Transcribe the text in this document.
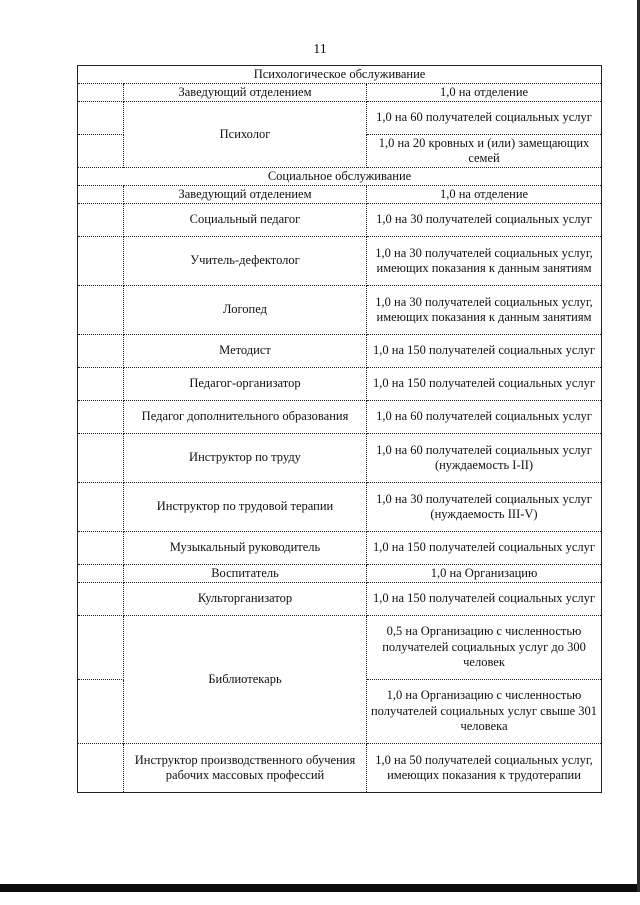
11
Психологическое обслуживание		
	Заведующий отделением	1,0 на отделение
	Психолог	1,0 на 60 получателей социальных услуг
		1,0 на 20 кровных и (или) замещающих семей
Социальное обслуживание		
	Заведующий отделением	1,0 на отделение
	Социальный педагог	1,0 на 30 получателей социальных услуг
	Учитель-дефектолог	1,0 на 30 получателей социальных услуг, имеющих показания к данным занятиям
	Логопед	1,0 на 30 получателей социальных услуг, имеющих показания к данным занятиям
	Методист	1,0 на 150 получателей социальных услуг
	Педагог-организатор	1,0 на 150 получателей социальных услуг
	Педагог дополнительного образования	1,0 на 60 получателей социальных услуг
	Инструктор по труду	1,0 на 60 получателей социальных услуг (нуждаемость I-II)
	Инструктор по трудовой терапии	1,0 на 30 получателей социальных услуг (нуждаемость III-V)
	Музыкальный руководитель	1,0 на 150 получателей социальных услуг
	Воспитатель	1,0 на Организацию
	Культорганизатор	1,0 на 150 получателей социальных услуг
	Библиотекарь	0,5 на Организацию с численностью получателей социальных услуг до 300 человек
		1,0 на Организацию с численностью получателей социальных услуг свыше 301 человека
	Инструктор производственного обучения рабочих массовых профессий	1,0 на 50 получателей социальных услуг, имеющих показания к трудотерапии
